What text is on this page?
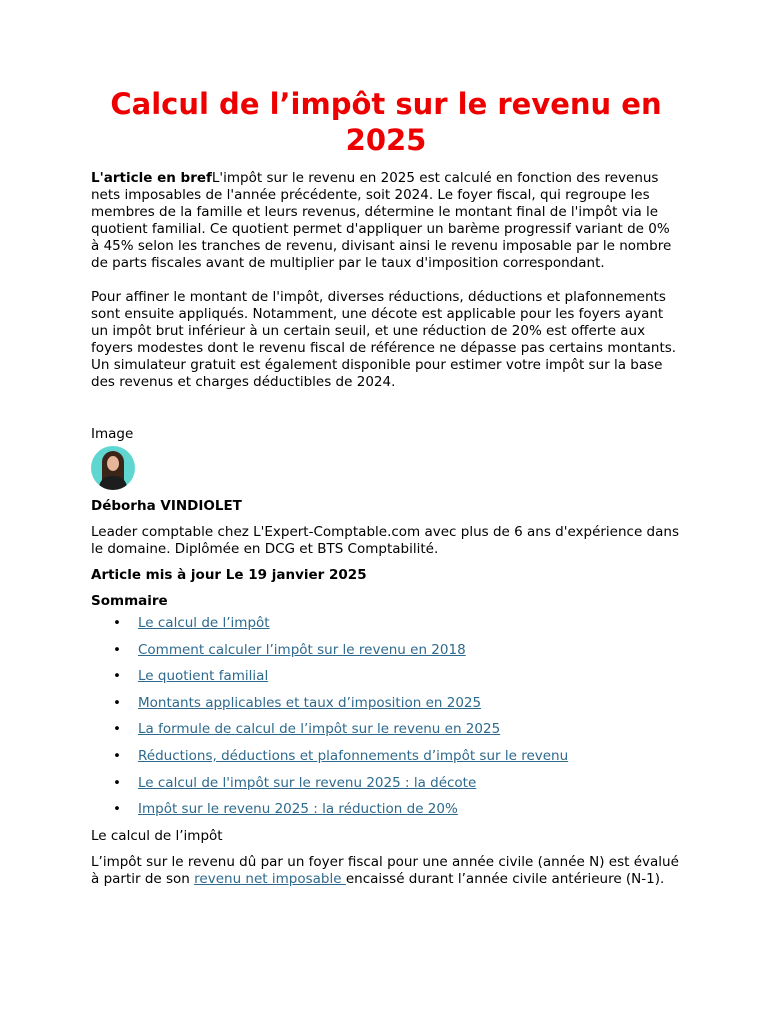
Calcul de l’impôt sur le revenu en 2025

L'article en brefL'impôt sur le revenu en 2025 est calculé en fonction des revenus nets imposables de l'année précédente, soit 2024. Le foyer fiscal, qui regroupe les membres de la famille et leurs revenus, détermine le montant final de l'impôt via le quotient familial. Ce quotient permet d'appliquer un barème progressif variant de 0% à 45% selon les tranches de revenu, divisant ainsi le revenu imposable par le nombre de parts fiscales avant de multiplier par le taux d'imposition correspondant.

Pour affiner le montant de l'impôt, diverses réductions, déductions et plafonnements sont ensuite appliqués. Notamment, une décote est applicable pour les foyers ayant un impôt brut inférieur à un certain seuil, et une réduction de 20% est offerte aux foyers modestes dont le revenu fiscal de référence ne dépasse pas certains montants. Un simulateur gratuit est également disponible pour estimer votre impôt sur la base des revenus et charges déductibles de 2024.

Image

Déborha VINDIOLET

Leader comptable chez L'Expert-Comptable.com avec plus de 6 ans d'expérience dans le domaine. Diplômée en DCG et BTS Comptabilité.

Article mis à jour Le 19 janvier 2025

Sommaire

• Le calcul de l’impôt
• Comment calculer l’impôt sur le revenu en 2018
• Le quotient familial
• Montants applicables et taux d’imposition en 2025
• La formule de calcul de l’impôt sur le revenu en 2025
• Réductions, déductions et plafonnements d’impôt sur le revenu
• Le calcul de l'impôt sur le revenu 2025 : la décote
• Impôt sur le revenu 2025 : la réduction de 20%

Le calcul de l’impôt

L’impôt sur le revenu dû par un foyer fiscal pour une année civile (année N) est évalué à partir de son revenu net imposable encaissé durant l’année civile antérieure (N-1).
